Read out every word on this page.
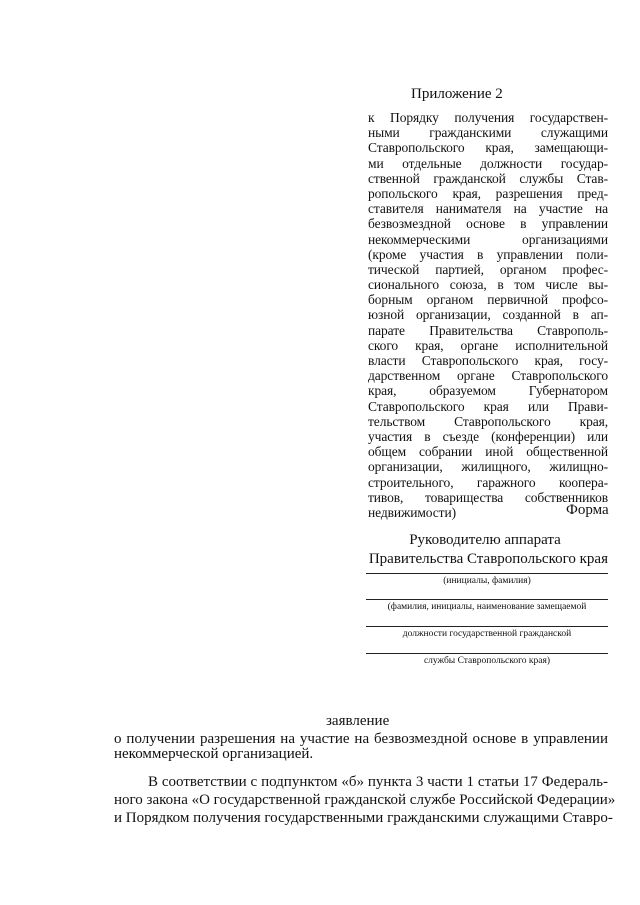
Приложение 2
к Порядку получения государствен-
ными гражданскими служащими
Ставропольского края, замещающи-
ми отдельные должности государ-
ственной гражданской службы Став-
ропольского края, разрешения пред-
ставителя нанимателя на участие на
безвозмездной основе в управлении
некоммерческими организациями
(кроме участия в управлении поли-
тической партией, органом профес-
сионального союза, в том числе вы-
борным органом первичной профсо-
юзной организации, созданной в ап-
парате Правительства Ставрополь-
ского края, органе исполнительной
власти Ставропольского края, госу-
дарственном органе Ставропольского
края, образуемом Губернатором
Ставропольского края или Прави-
тельством Ставропольского края,
участия в съезде (конференции) или
общем собрании иной общественной
организации, жилищного, жилищно-
строительного, гаражного коопера-
тивов, товарищества собственников
недвижимости)	Форма
Руководителю аппарата
Правительства Ставропольского края
(инициалы, фамилия)
(фамилия, инициалы, наименование замещаемой
должности государственной гражданской
службы Ставропольского края)
заявление
о получении разрешения на участие на безвозмездной основе в управлении
некоммерческой организацией.
В соответствии с подпунктом «б» пункта 3 части 1 статьи 17 Федераль-
ного закона «О государственной гражданской службе Российской Федерации»
и Порядком получения государственными гражданскими служащими Ставро-
